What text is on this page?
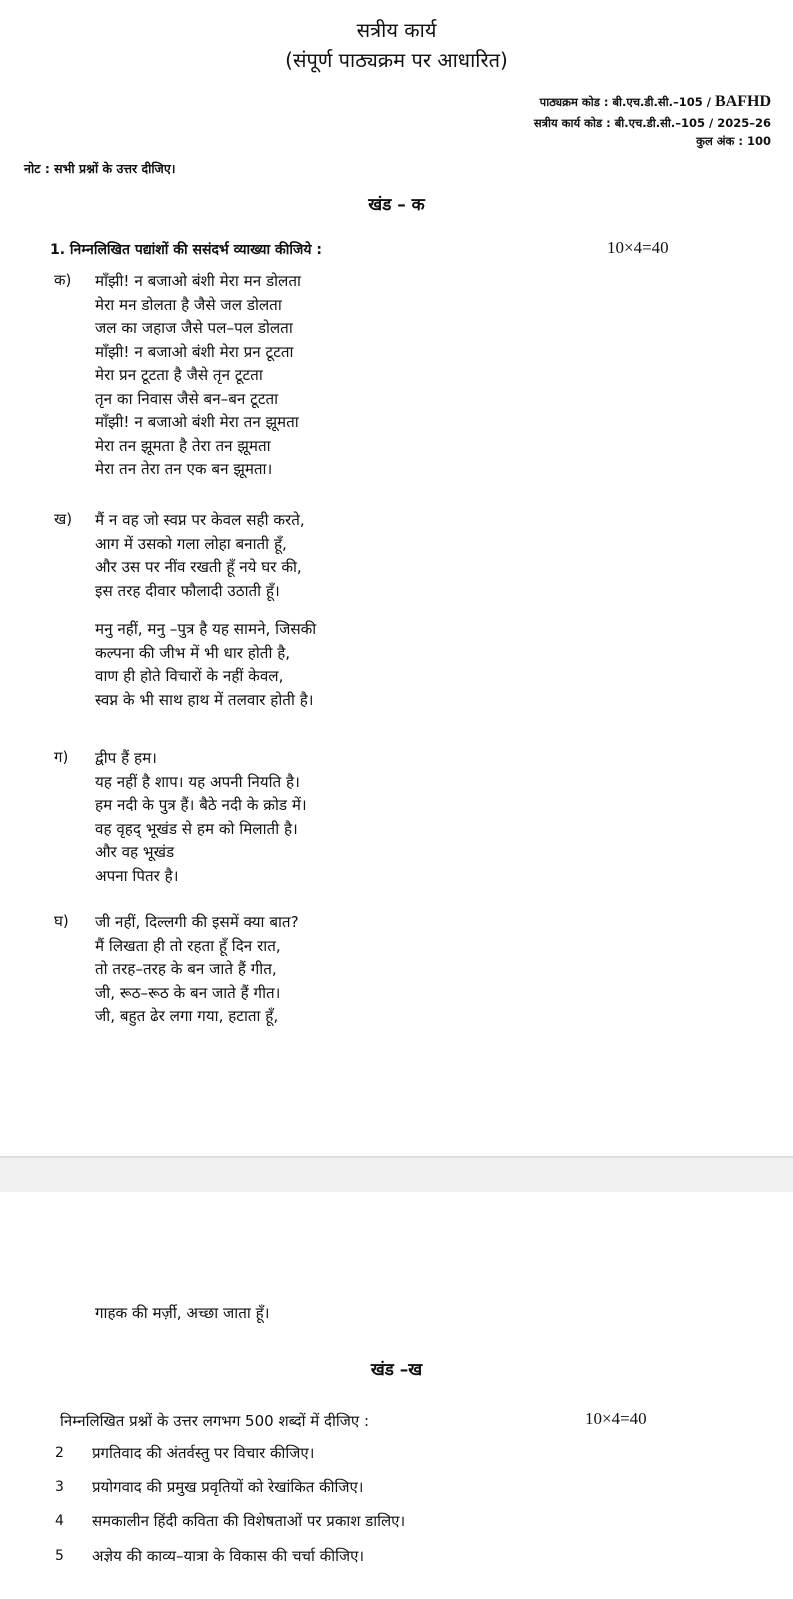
सत्रीय कार्य
(संपूर्ण पाठ्यक्रम पर आधारित)
पाठ्यक्रम कोड : बी.एच.डी.सी.–105 / BAFHD
सत्रीय कार्य कोड : बी.एच.डी.सी.–105 / 2025–26
कुल अंक : 100
नोट : सभी प्रश्नों के उत्तर दीजिए।
खंड – क
1. निम्नलिखित पद्यांशों की ससंदर्भ व्याख्या कीजिये :	10×4=40
क) माँझी! न बजाओ बंशी मेरा मन डोलता
मेरा मन डोलता है जैसे जल डोलता
जल का जहाज जैसे पल–पल डोलता
माँझी! न बजाओ बंशी मेरा प्रन टूटता
मेरा प्रन टूटता है जैसे तृन टूटता
तृन का निवास जैसे बन–बन टूटता
माँझी! न बजाओ बंशी मेरा तन झूमता
मेरा तन झूमता है तेरा तन झूमता
मेरा तन तेरा तन एक बन झूमता।
ख) मैं न वह जो स्वप्न पर केवल सही करते,
आग में उसको गला लोहा बनाती हूँ,
और उस पर नींव रखती हूँ नये घर की,
इस तरह दीवार फौलादी उठाती हूँ।
मनु नहीं, मनु –पुत्र है यह सामने, जिसकी
कल्पना की जीभ में भी धार होती है,
वाण ही होते विचारों के नहीं केवल,
स्वप्न के भी साथ हाथ में तलवार होती है।
ग) द्वीप हैं हम।
यह नहीं है शाप। यह अपनी नियति है।
हम नदी के पुत्र हैं। बैठे नदी के क्रोड में।
वह वृहद् भूखंड से हम को मिलाती है।
और वह भूखंड
अपना पितर है।
घ) जी नहीं, दिल्लगी की इसमें क्या बात?
मैं लिखता ही तो रहता हूँ दिन रात,
तो तरह–तरह के बन जाते हैं गीत,
जी, रूठ–रूठ के बन जाते हैं गीत।
जी, बहुत ढेर लगा गया, हटाता हूँ,
गाहक की मर्ज़ी, अच्छा जाता हूँ।
खंड –ख
निम्नलिखित प्रश्नों के उत्तर लगभग 500 शब्दों में दीजिए :	10×4=40
2 प्रगतिवाद की अंतर्वस्तु पर विचार कीजिए।
3 प्रयोगवाद की प्रमुख प्रवृतियों को रेखांकित कीजिए।
4 समकालीन हिंदी कविता की विशेषताओं पर प्रकाश डालिए।
5 अज्ञेय की काव्य–यात्रा के विकास की चर्चा कीजिए।
